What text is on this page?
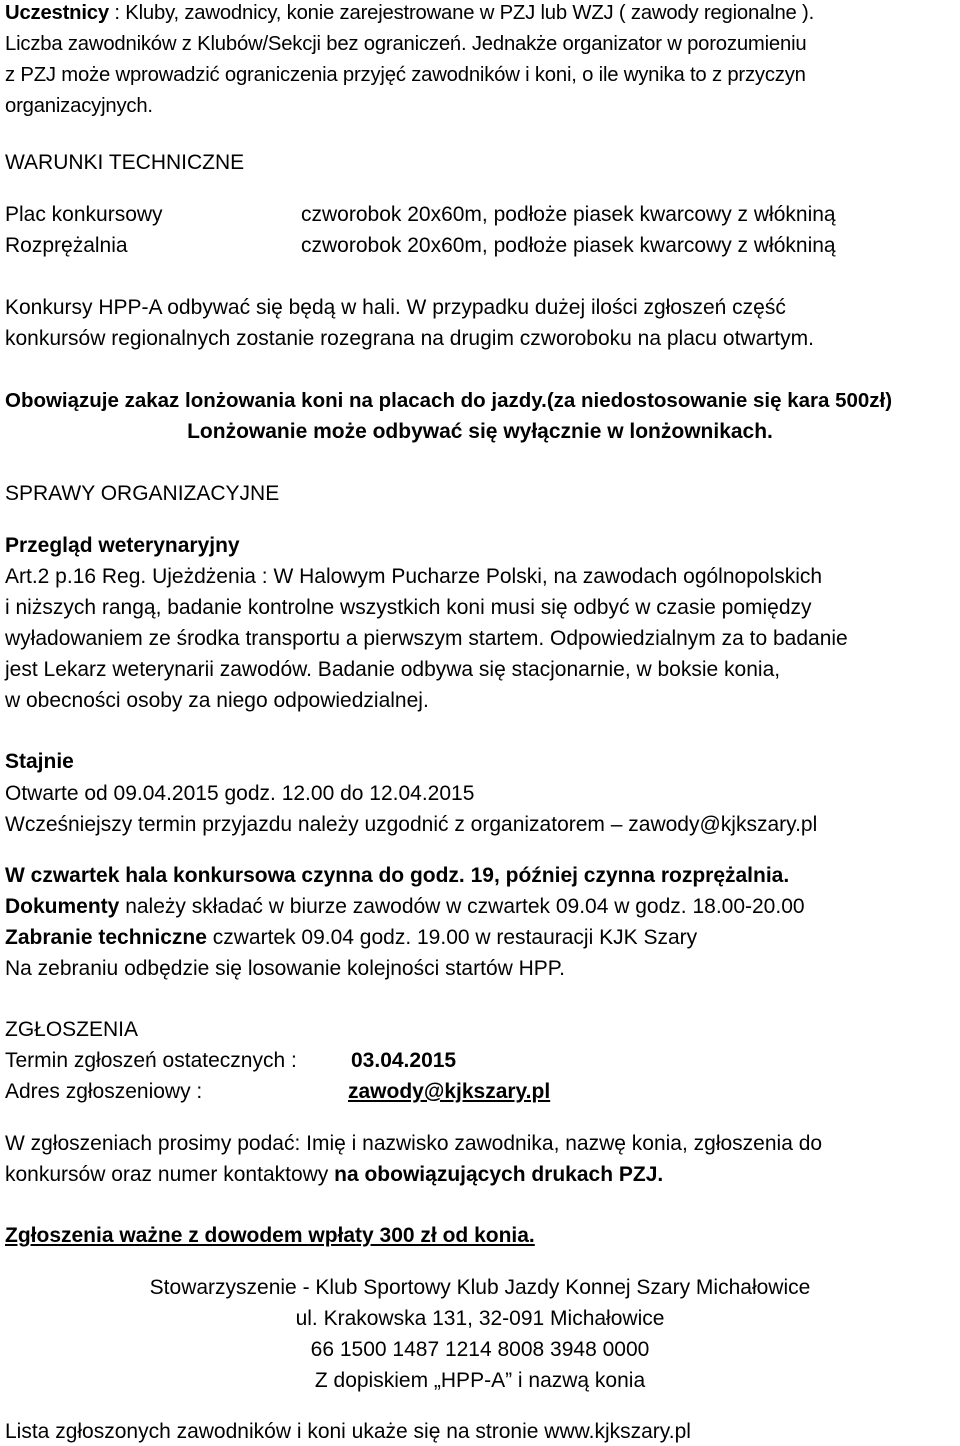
Uczestnicy : Kluby, zawodnicy, konie zarejestrowane w PZJ lub WZJ ( zawody regionalne ).
Liczba zawodników z Klubów/Sekcji bez ograniczeń. Jednakże organizator w porozumieniu
z PZJ może wprowadzić ograniczenia przyjęć zawodników i koni, o ile wynika to z przyczyn
organizacyjnych.
WARUNKI TECHNICZNE
Plac konkursowy	czworobok 20x60m, podłoże piasek kwarcowy z włókniną
Rozprężalnia	czworobok 20x60m, podłoże piasek kwarcowy z włókniną
Konkursy HPP-A odbywać się będą w hali. W przypadku dużej ilości zgłoszeń część
konkursów regionalnych zostanie rozegrana na drugim czworoboku na placu otwartym.
Obowiązuje zakaz lonżowania koni na placach do jazdy.(za niedostosowanie się kara 500zł)
Lonżowanie może odbywać się wyłącznie w lonżownikach.
SPRAWY ORGANIZACYJNE
Przegląd weterynaryjny
Art.2 p.16 Reg. Ujeżdżenia : W Halowym Pucharze Polski, na zawodach ogólnopolskich
i niższych rangą, badanie kontrolne wszystkich koni musi się odbyć w czasie pomiędzy
wyładowaniem ze środka transportu a pierwszym startem. Odpowiedzialnym za to badanie
jest Lekarz weterynarii zawodów. Badanie odbywa się stacjonarnie, w boksie konia,
w obecności osoby za niego odpowiedzialnej.
Stajnie
Otwarte od 09.04.2015 godz. 12.00 do 12.04.2015
Wcześniejszy termin przyjazdu należy uzgodnić z organizatorem – zawody@kjkszary.pl
W czwartek hala konkursowa czynna do godz. 19, później czynna rozprężalnia.
Dokumenty należy składać w biurze zawodów w czwartek 09.04 w godz. 18.00-20.00
Zabranie techniczne czwartek 09.04 godz. 19.00 w restauracji KJK Szary
Na zebraniu odbędzie się losowanie kolejności startów HPP.
ZGŁOSZENIA
Termin zgłoszeń ostatecznych :	03.04.2015
Adres zgłoszeniowy :	zawody@kjkszary.pl
W zgłoszeniach prosimy podać: Imię i nazwisko zawodnika, nazwę konia, zgłoszenia do
konkursów oraz numer kontaktowy na obowiązujących drukach PZJ.
Zgłoszenia ważne z dowodem wpłaty 300 zł od konia.
Stowarzyszenie - Klub Sportowy Klub Jazdy Konnej Szary Michałowice
ul. Krakowska 131, 32-091 Michałowice
66 1500 1487 1214 8008 3948 0000
Z dopiskiem „HPP-A” i nazwą konia
Lista zgłoszonych zawodników i koni ukaże się na stronie www.kjkszary.pl
